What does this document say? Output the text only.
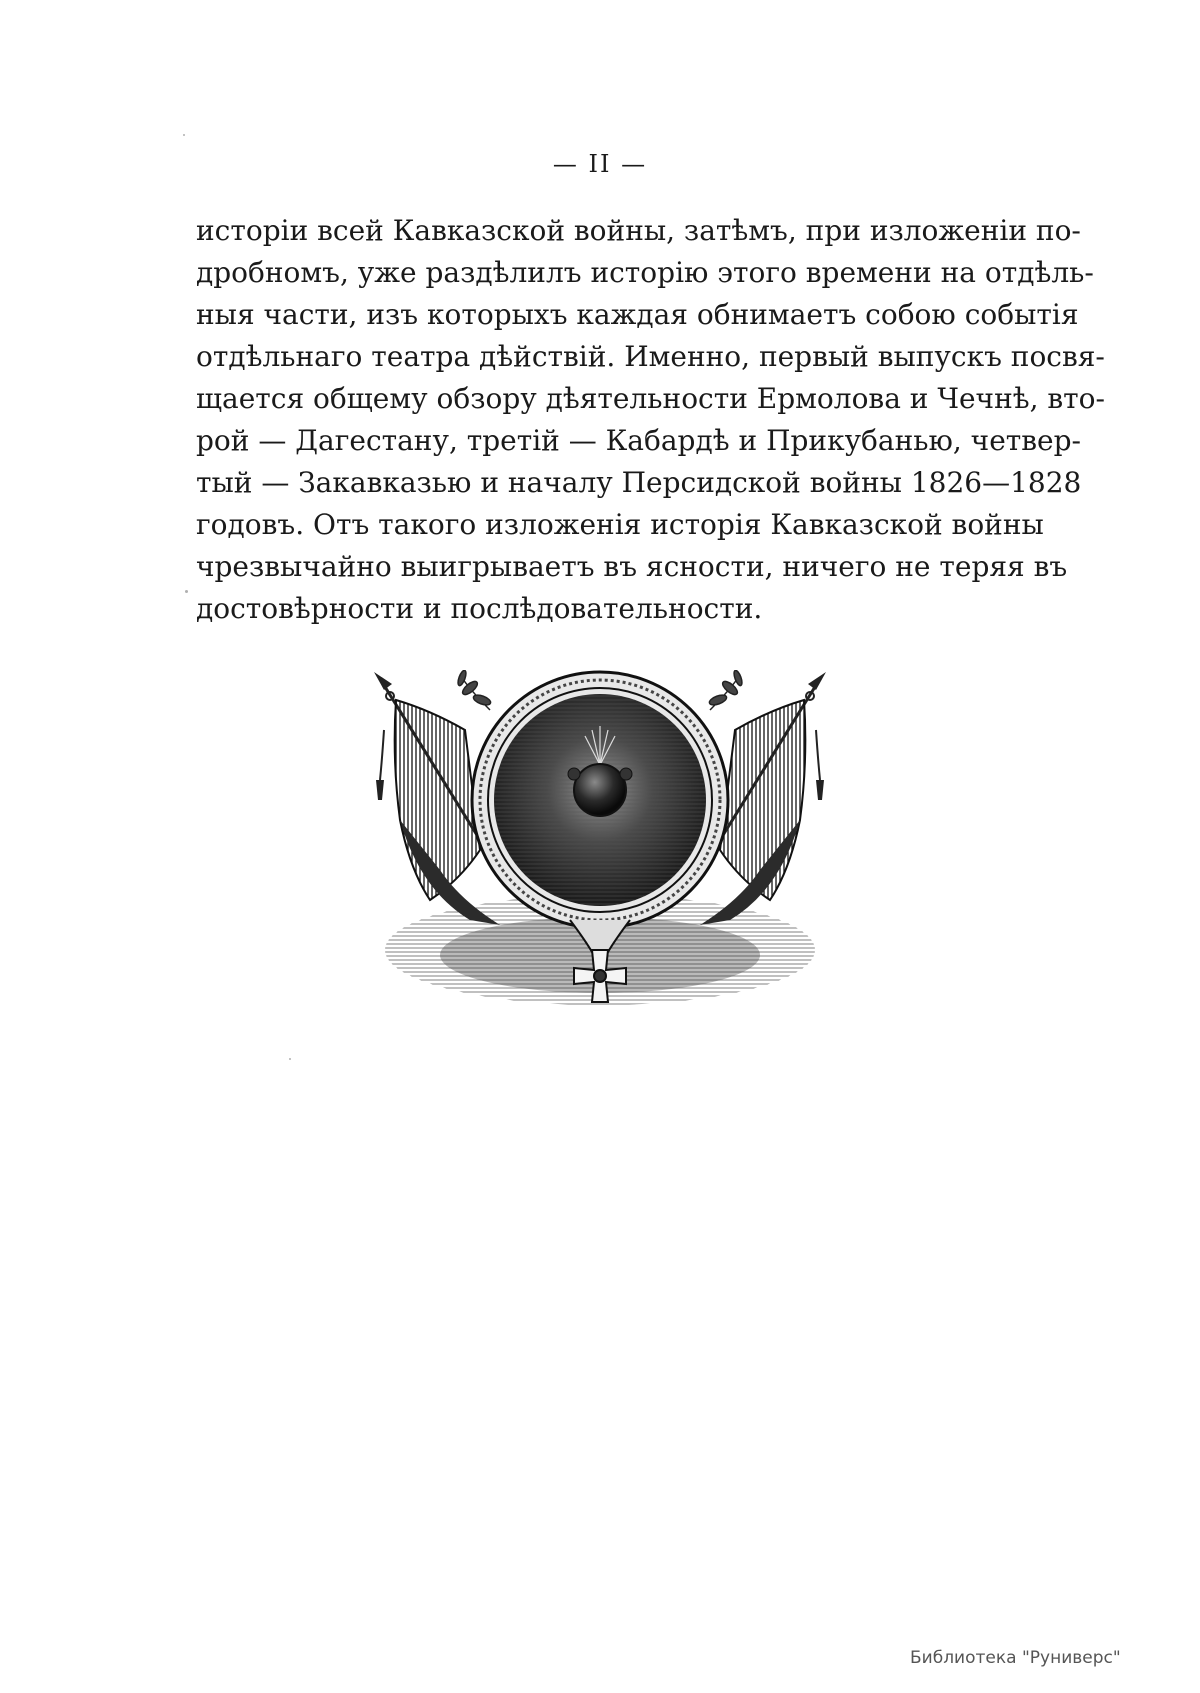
— II —
исторіи всей Кавказской войны, затѣмъ, при изложеніи по-
дробномъ, уже раздѣлилъ исторію этого времени на отдѣль-
ныя части, изъ которыхъ каждая обнимаетъ собою событія
отдѣльнаго театра дѣйствій. Именно, первый выпускъ посвя-
щается общему обзору дѣятельности Ермолова и Чечнѣ, вто-
рой — Дагестану, третій — Кабардѣ и Прикубанью, четвер-
тый — Закавказью и началу Персидской войны 1826—1828
годовъ. Отъ такого изложенія исторія Кавказской войны
чрезвычайно выигрываетъ въ ясности, ничего не теряя въ
достовѣрности и послѣдовательности.
Библиотека "Руниверс"
